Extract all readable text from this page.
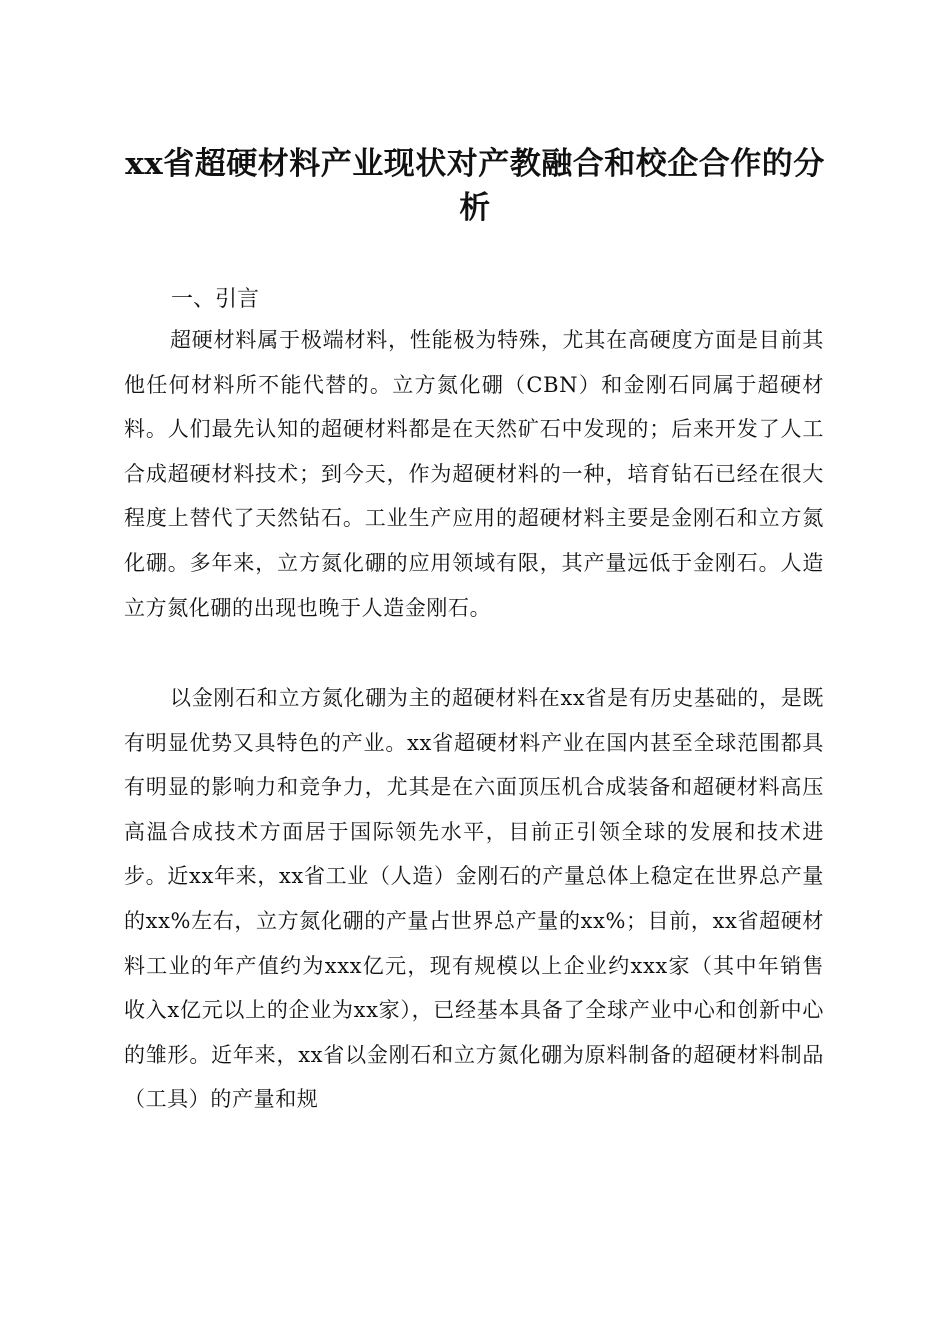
xx省超硬材料产业现状对产教融合和校企合作的分析
一、引言

超硬材料属于极端材料，性能极为特殊，尤其在高硬度方面是目前其他任何材料所不能代替的。立方氮化硼（CBN）和金刚石同属于超硬材料。人们最先认知的超硬材料都是在天然矿石中发现的；后来开发了人工合成超硬材料技术；到今天，作为超硬材料的一种，培育钻石已经在很大程度上替代了天然钻石。工业生产应用的超硬材料主要是金刚石和立方氮化硼。多年来，立方氮化硼的应用领域有限，其产量远低于金刚石。人造立方氮化硼的出现也晚于人造金刚石。

以金刚石和立方氮化硼为主的超硬材料在xx省是有历史基础的，是既有明显优势又具特色的产业。xx省超硬材料产业在国内甚至全球范围都具有明显的影响力和竞争力，尤其是在六面顶压机合成装备和超硬材料高压高温合成技术方面居于国际领先水平，目前正引领全球的发展和技术进步。近xx年来，xx省工业（人造）金刚石的产量总体上稳定在世界总产量的xx%左右，立方氮化硼的产量占世界总产量的xx%；目前，xx省超硬材料工业的年产值约为xxx亿元，现有规模以上企业约xxx家（其中年销售收入x亿元以上的企业为xx家），已经基本具备了全球产业中心和创新中心的雏形。近年来，xx省以金刚石和立方氮化硼为原料制备的超硬材料制品（工具）的产量和规
